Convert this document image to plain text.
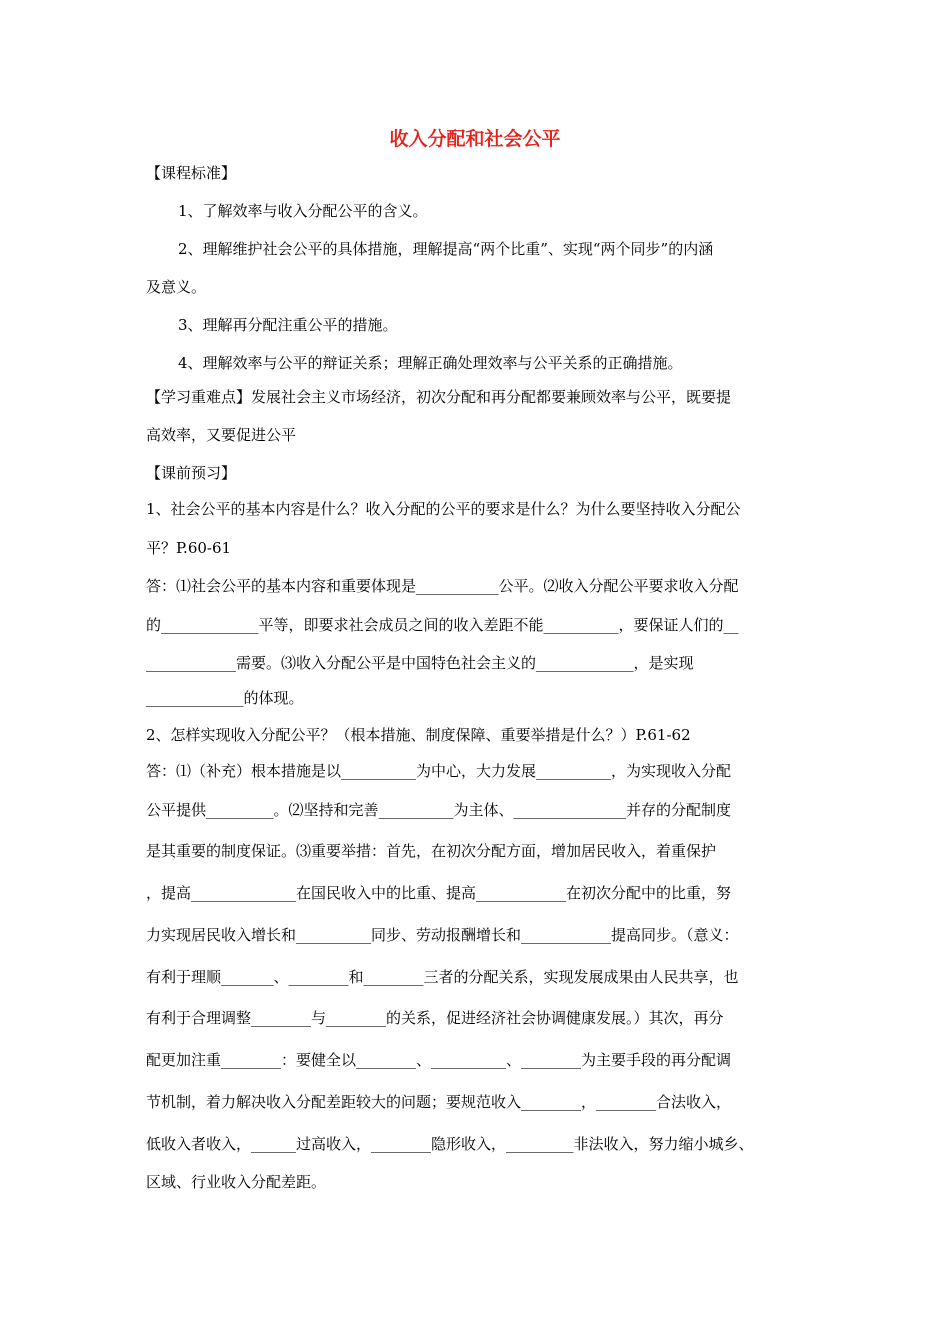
收入分配和社会公平
【课程标准】
1、了解效率与收入分配公平的含义。
2、理解维护社会公平的具体措施，理解提高“两个比重”、实现“两个同步”的内涵
及意义。
3、理解再分配注重公平的措施。
4、理解效率与公平的辩证关系；理解正确处理效率与公平关系的正确措施。
【学习重难点】发展社会主义市场经济，初次分配和再分配都要兼顾效率与公平，既要提
高效率，又要促进公平
【课前预习】
1、社会公平的基本内容是什么？收入分配的公平的要求是什么？为什么要坚持收入分配公
平？P.60-61
答：⑴社会公平的基本内容和重要体现是___________公平。⑵收入分配公平要求收入分配
的_____________平等，即要求社会成员之间的收入差距不能__________，要保证人们的__
____________需要。⑶收入分配公平是中国特色社会主义的_____________，是实现
_____________的体现。
2、怎样实现收入分配公平？（根本措施、制度保障、重要举措是什么？）P.61-62
答：⑴（补充）根本措施是以__________为中心，大力发展__________，为实现收入分配
公平提供_________。⑵坚持和完善__________为主体、_______________并存的分配制度
是其重要的制度保证。⑶重要举措：首先，在初次分配方面，增加居民收入，着重保护
，提高______________在国民收入中的比重、提高____________在初次分配中的比重，努
力实现居民收入增长和__________同步、劳动报酬增长和____________提高同步。（意义：
有利于理顺_______、________和________三者的分配关系，实现发展成果由人民共享，也
有利于合理调整________与________的关系，促进经济社会协调健康发展。）其次，再分
配更加注重________：要健全以________、__________、________为主要手段的再分配调
节机制，着力解决收入分配差距较大的问题；要规范收入________，________合法收入，
低收入者收入，______过高收入，________隐形收入，_________非法收入，努力缩小城乡、
区域、行业收入分配差距。
